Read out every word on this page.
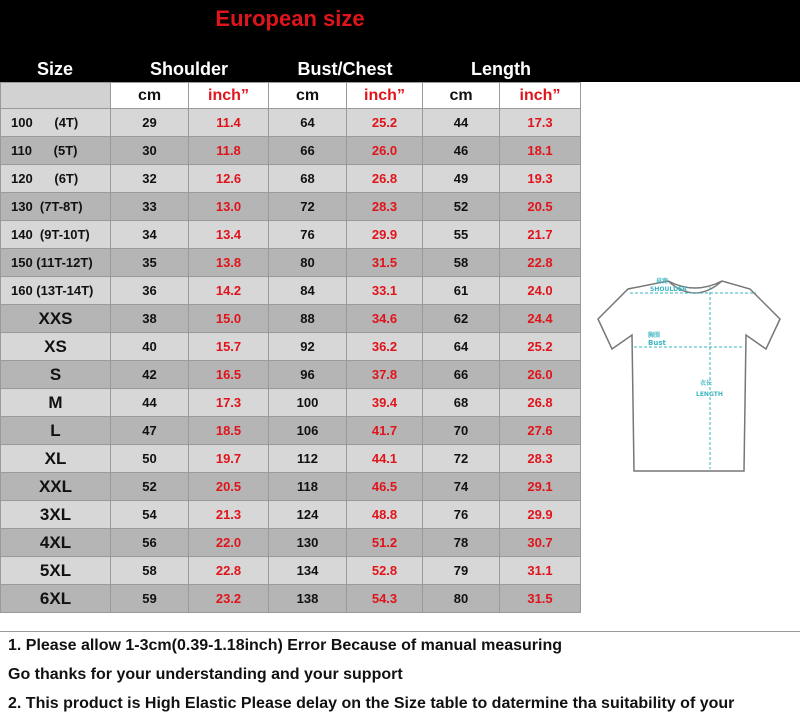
European size
Size	Shoulder	Bust/Chest	Length
	cm	inch”	cm	inch”	cm	inch”
100      (4T)	29	11.4	64	25.2	44	17.3
110      (5T)	30	11.8	66	26.0	46	18.1
120      (6T)	32	12.6	68	26.8	49	19.3
130  (7T-8T)	33	13.0	72	28.3	52	20.5
140  (9T-10T)	34	13.4	76	29.9	55	21.7
150 (11T-12T)	35	13.8	80	31.5	58	22.8
160 (13T-14T)	36	14.2	84	33.1	61	24.0
XXS	38	15.0	88	34.6	62	24.4
XS	40	15.7	92	36.2	64	25.2
S	42	16.5	96	37.8	66	26.0
M	44	17.3	100	39.4	68	26.8
L	47	18.5	106	41.7	70	27.6
XL	50	19.7	112	44.1	72	28.3
XXL	52	20.5	118	46.5	74	29.1
3XL	54	21.3	124	48.8	76	29.9
4XL	56	22.0	130	51.2	78	30.7
5XL	58	22.8	134	52.8	79	31.1
6XL	59	23.2	138	54.3	80	31.5
肩宽
SHOULDER
胸围
Bust
衣长
LENGTH
1. Please allow 1-3cm(0.39-1.18inch) Error Because of manual measuring
Go thanks for your understanding and your support
2. This product is High Elastic Please delay on the Size table to datermine tha suitability of your
